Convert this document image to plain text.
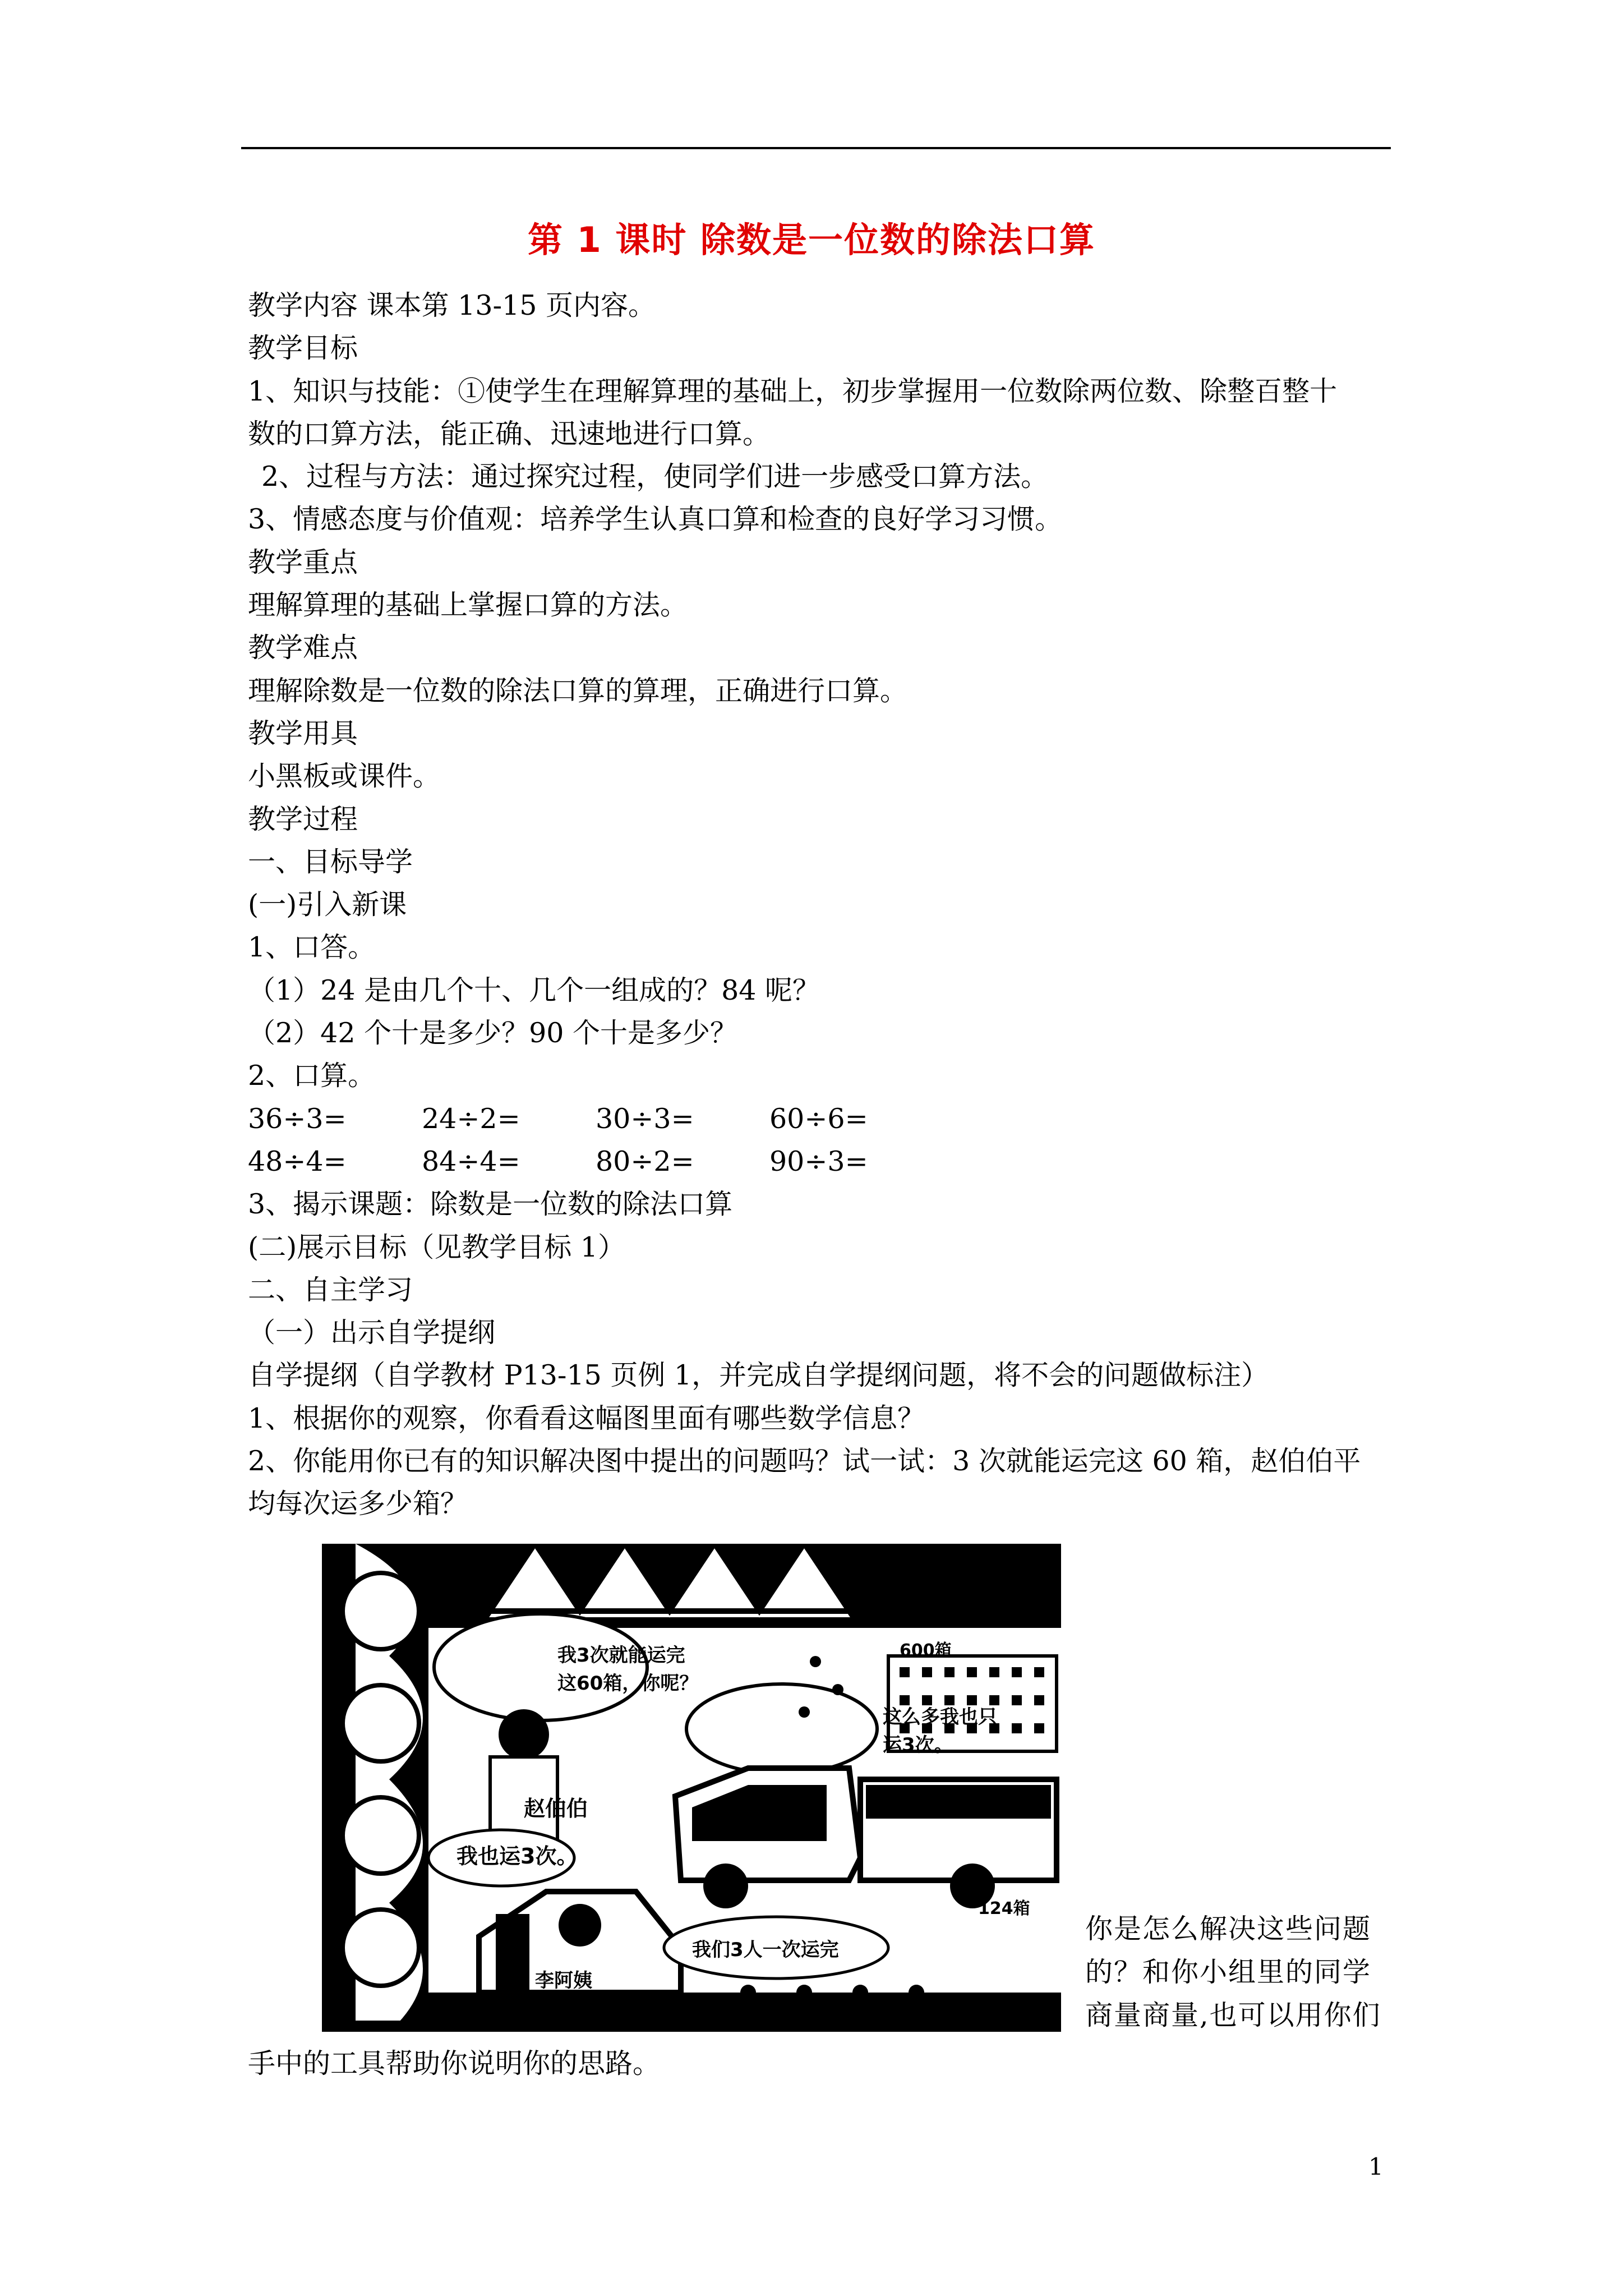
第 1 课时 除数是一位数的除法口算
教学内容 课本第 13-15 页内容。
教学目标
1、知识与技能：①使学生在理解算理的基础上，初步掌握用一位数除两位数、除整百整十
数的口算方法，能正确、迅速地进行口算。
2、过程与方法：通过探究过程，使同学们进一步感受口算方法。
3、情感态度与价值观：培养学生认真口算和检查的良好学习习惯。
教学重点
理解算理的基础上掌握口算的方法。
教学难点
理解除数是一位数的除法口算的算理，正确进行口算。
教学用具
小黑板或课件。
教学过程
一、目标导学
(一)引入新课
1、口答。
（1）24 是由几个十、几个一组成的？84 呢？
（2）42 个十是多少？90 个十是多少？
2、口算。
36÷3=	24÷2=	30÷3=	60÷6=
48÷4=	84÷4=	80÷2=	90÷3=
3、揭示课题：除数是一位数的除法口算
(二)展示目标（见教学目标 1）
二、自主学习
（一）出示自学提纲
自学提纲（自学教材 P13-15 页例 1，并完成自学提纲问题，将不会的问题做标注）
1、根据你的观察，你看看这幅图里面有哪些数学信息？
2、你能用你已有的知识解决图中提出的问题吗？试一试：3 次就能运完这 60 箱，赵伯伯平
均每次运多少箱？
我3次就能运完
这60箱，你呢？
600箱
这么多我也只
运3次。
赵伯伯
我也运3次。	王叔叔
124箱
我们3人一次运完
李阿姨
你是怎么解决这些问题
的？和你小组里的同学
商量商量,也可以用你们
手中的工具帮助你说明你的思路。
1
